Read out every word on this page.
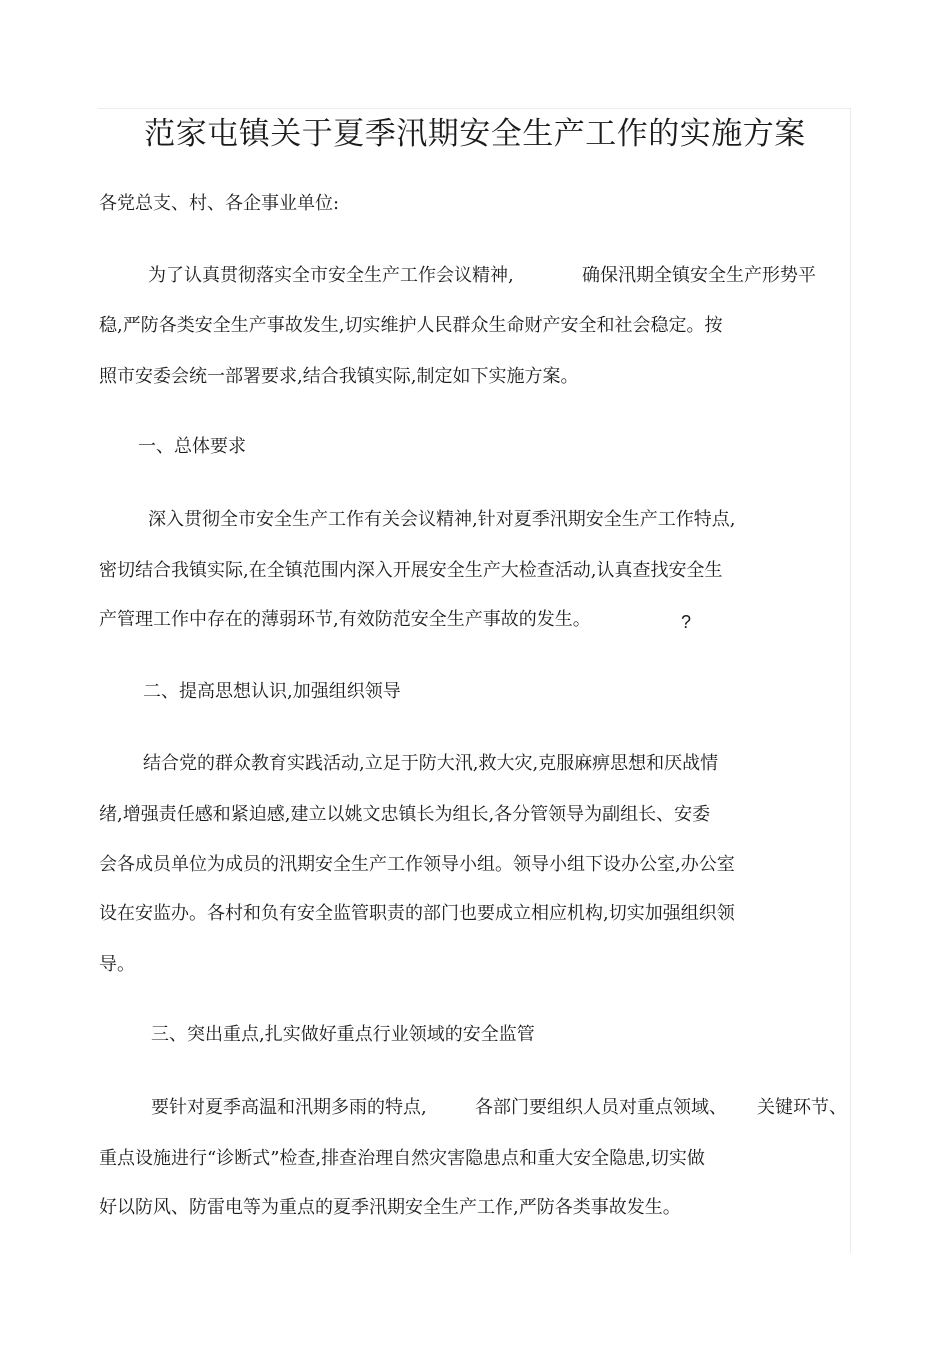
范家屯镇关于夏季汛期安全生产工作的实施方案
各党总支、村、各企事业单位:
为了认真贯彻落实全市安全生产工作会议精神,	确保汛期全镇安全生产形势平
稳,严防各类安全生产事故发生,切实维护人民群众生命财产安全和社会稳定。按
照市安委会统一部署要求,结合我镇实际,制定如下实施方案。
一、总体要求
深入贯彻全市安全生产工作有关会议精神,针对夏季汛期安全生产工作特点,
密切结合我镇实际,在全镇范围内深入开展安全生产大检查活动,认真查找安全生
产管理工作中存在的薄弱环节,有效防范安全生产事故的发生。	?
二、提高思想认识,加强组织领导
结合党的群众教育实践活动,立足于防大汛,救大灾,克服麻痹思想和厌战情
绪,增强责任感和紧迫感,建立以姚文忠镇长为组长,各分管领导为副组长、安委
会各成员单位为成员的汛期安全生产工作领导小组。领导小组下设办公室,办公室
设在安监办。各村和负有安全监管职责的部门也要成立相应机构,切实加强组织领
导。
三、突出重点,扎实做好重点行业领域的安全监管
要针对夏季高温和汛期多雨的特点,	各部门要组织人员对重点领域、 关键环节、
重点设施进行“诊断式”检查,排查治理自然灾害隐患点和重大安全隐患,切实做
好以防风、防雷电等为重点的夏季汛期安全生产工作,严防各类事故发生。
